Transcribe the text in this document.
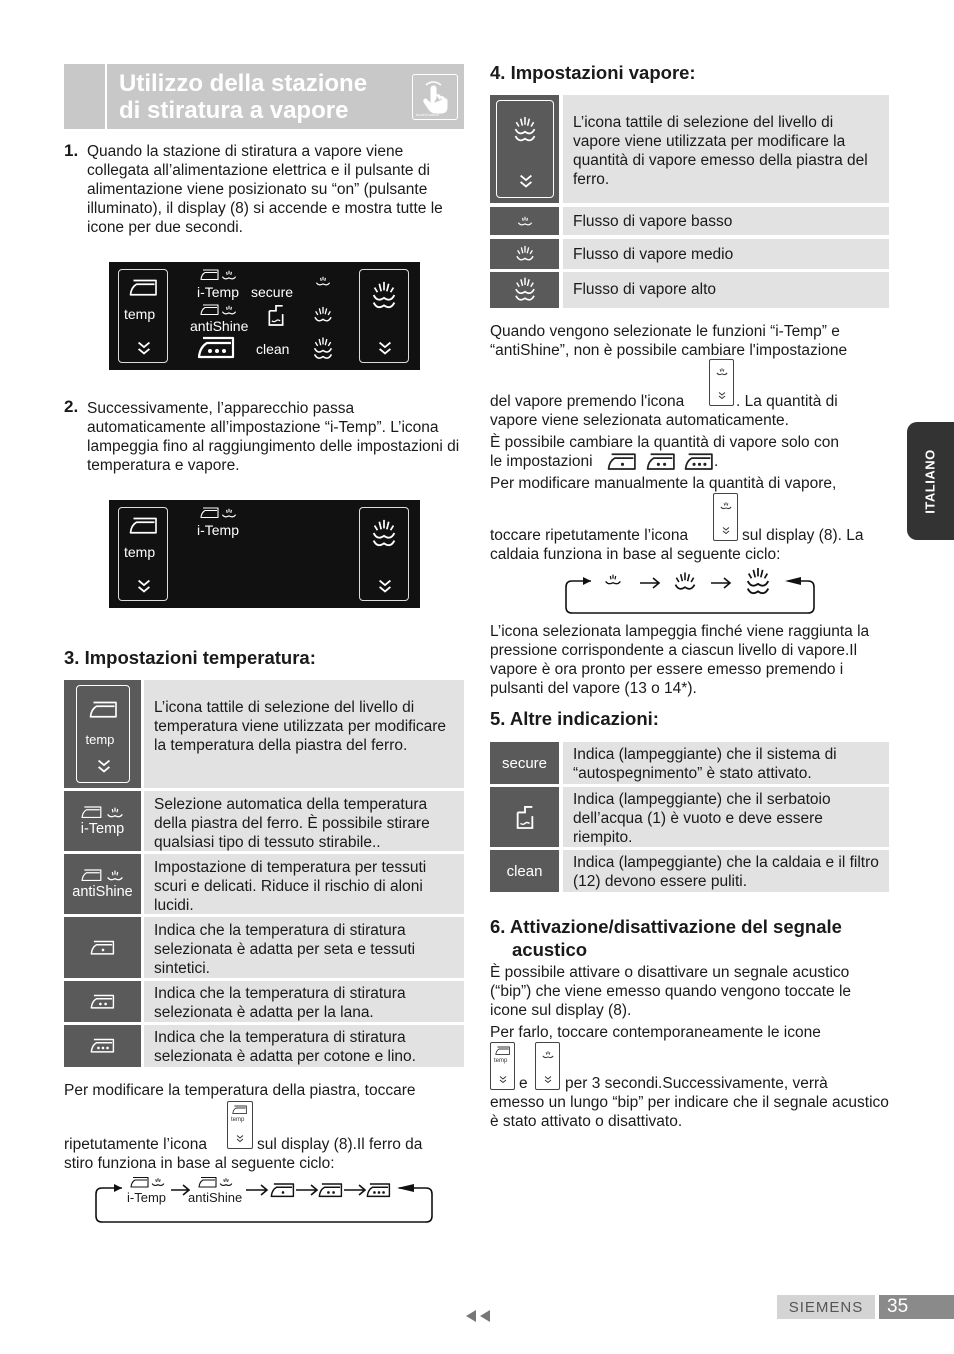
Utilizzo della stazione
di stiratura a vapore	touchControl
1. Quando la stazione di stiratura a vapore viene collegata all’alimentazione elettrica e il pulsante di alimentazione viene posizionato su “on” (pulsante illuminato), il display (8) si accende e mostra tutte le icone per due secondi.

temp
i-Temp
antiShine
secure
clean
2. Successivamente, l’apparecchio passa automaticamente all’impostazione “i-Temp”. L’icona lampeggia fino al raggiungimento delle impostazioni di temperatura e vapore.

temp
i-Temp
3. Impostazioni temperatura:
temp
L’icona tattile di selezione del livello di temperatura viene utilizzata per modificare la temperatura della piastra del ferro.
i-Temp
Selezione automatica della temperatura della piastra del ferro. È possibile stirare qualsiasi tipo di tessuto stirabile..
antiShine
Impostazione di temperatura per tessuti scuri e delicati. Riduce il rischio di aloni lucidi.
Indica che la temperatura di stiratura selezionata è adatta per seta e tessuti sintetici.
Indica che la temperatura di stiratura selezionata è adatta per la lana.
Indica che la temperatura di stiratura selezionata è adatta per cotone e lino.

Per modificare la temperatura della piastra, toccare

temp

ripetutamente l’icona	sul display (8).Il ferro da

stiro funziona in base al seguente ciclo:

i-Temp antiShine
4. Impostazioni vapore:
L’icona tattile di selezione del livello di vapore viene utilizzata per modificare la quantità di vapore emesso della piastra del ferro.
Flusso di vapore basso
Flusso di vapore medio
Flusso di vapore alto

Quando vengono selezionate le funzioni “i-Temp” e “antiShine”, non è possibile cambiare l'impostazione

del vapore premendo l'icona	. La quantità di

vapore viene selezionata automaticamente.

È possibile cambiare la quantità di vapore solo con

le impostazioni	.

Per modificare manualmente la quantità di vapore,

toccare ripetutamente l’icona	sul display (8). La

caldaia funziona in base al seguente ciclo:

L’icona selezionata lampeggia finché viene raggiunta la pressione corrispondente a ciascun livello di vapore.Il vapore è ora pronto per essere emesso premendo i pulsanti del vapore (13 o 14*).

5. Altre indicazioni:
secure	Indica (lampeggiante) che il sistema di “autospegnimento” è stato attivato.
Indica (lampeggiante) che il serbatoio dell’acqua (1) è vuoto e deve essere riempito.
clean	Indica (lampeggiante) che la caldaia e il filtro (12) devono essere puliti.
6. Attivazione/disattivazione del segnale
acustico

È possibile attivare o disattivare un segnale acustico (“bip”) che viene emesso quando vengono toccate le icone sul display (8).

Per farlo, toccare contemporaneamente le icone

temp

e per 3 secondi.Successivamente, verrà

emesso un lungo “bip” per indicare che il segnale acustico è stato attivato o disattivato.

ITALIANO
SIEMENS	35
